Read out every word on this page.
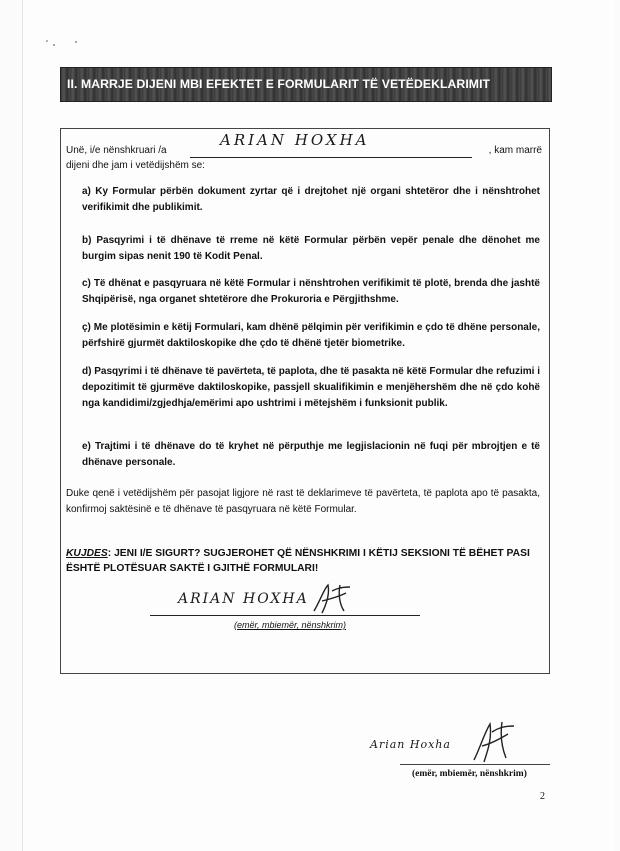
II. MARRJE DIJENI MBI EFEKTET E FORMULARIT TË VETËDEKLARIMIT
Unë, i/e nënshkruari /a
ARIAN HOXHA
, kam marrë
dijeni dhe jam i vetëdijshëm se:
a) Ky Formular përbën dokument zyrtar që i drejtohet një organi shtetëror dhe i nënshtrohet verifikimit dhe publikimit.
b) Pasqyrimi i të dhënave të rreme në këtë Formular përbën vepër penale dhe dënohet me burgim sipas nenit 190 të Kodit Penal.
c) Të dhënat e pasqyruara në këtë Formular i nënshtrohen verifikimit të plotë, brenda dhe jashtë Shqipërisë, nga organet shtetërore dhe Prokuroria e Përgjithshme.
ç) Me plotësimin e këtij Formulari, kam dhënë pëlqimin për verifikimin e çdo të dhëne personale, përfshirë gjurmët daktiloskopike dhe çdo të dhënë tjetër biometrike.
d) Pasqyrimi i të dhënave të pavërteta, të paplota, dhe të pasakta në këtë Formular dhe refuzimi i depozitimit të gjurmëve daktiloskopike, passjell skualifikimin e menjëhershëm dhe në çdo kohë nga kandidimi/zgjedhja/emërimi apo ushtrimi i mëtejshëm i funksionit publik.
e) Trajtimi i të dhënave do të kryhet në përputhje me legjislacionin në fuqi për mbrojtjen e të dhënave personale.
Duke qenë i vetëdijshëm për pasojat ligjore në rast të deklarimeve të pavërteta, të paplota apo të pasakta, konfirmoj saktësinë e të dhënave të pasqyruara në këtë Formular.
KUJDES: JENI I/E SIGURT? SUGJEROHET QË NËNSHKRIMI I KËTIJ SEKSIONI TË BËHET PASI ËSHTË PLOTËSUAR SAKTË I GJITHË FORMULARI!
ARIAN HOXHA
(emër, mbiemër, nënshkrim)
Arian Hoxha
(emër, mbiemër, nënshkrim)
2
